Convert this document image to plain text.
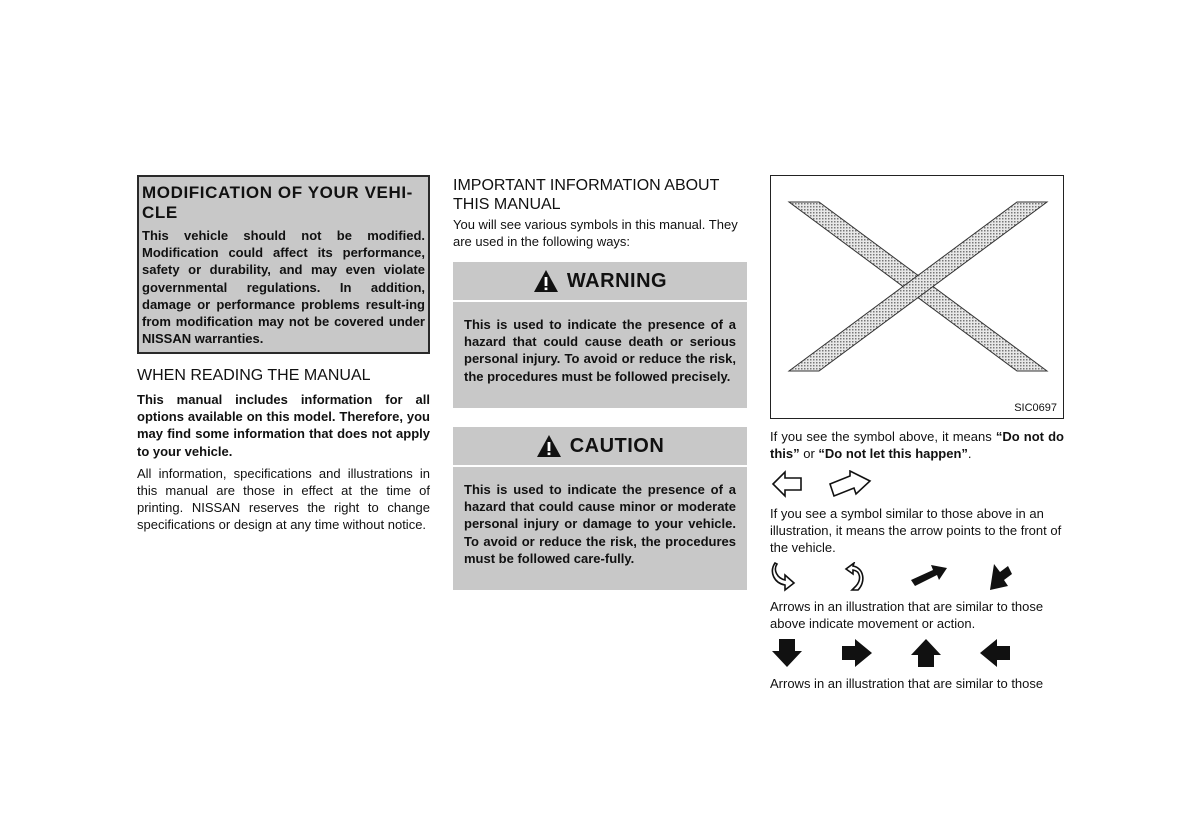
MODIFICATION OF YOUR VEHI-CLE

This vehicle should not be modified. Modification could affect its performance, safety or durability, and may even violate governmental regulations. In addition, damage or performance problems result-ing from modification may not be covered under NISSAN warranties.

WHEN READING THE MANUAL

This manual includes information for all options available on this model. Therefore, you may find some information that does not apply to your vehicle.

All information, specifications and illustrations in this manual are those in effect at the time of printing. NISSAN reserves the right to change specifications or design at any time without notice.

IMPORTANT INFORMATION ABOUT THIS MANUAL

You will see various symbols in this manual. They are used in the following ways:

WARNING

This is used to indicate the presence of a hazard that could cause death or serious personal injury. To avoid or reduce the risk, the procedures must be followed precisely.

CAUTION

This is used to indicate the presence of a hazard that could cause minor or moderate personal injury or damage to your vehicle. To avoid or reduce the risk, the procedures must be followed care-fully.

SIC0697

If you see the symbol above, it means “Do not do this” or “Do not let this happen”.

If you see a symbol similar to those above in an illustration, it means the arrow points to the front of the vehicle.

Arrows in an illustration that are similar to those above indicate movement or action.

Arrows in an illustration that are similar to those
